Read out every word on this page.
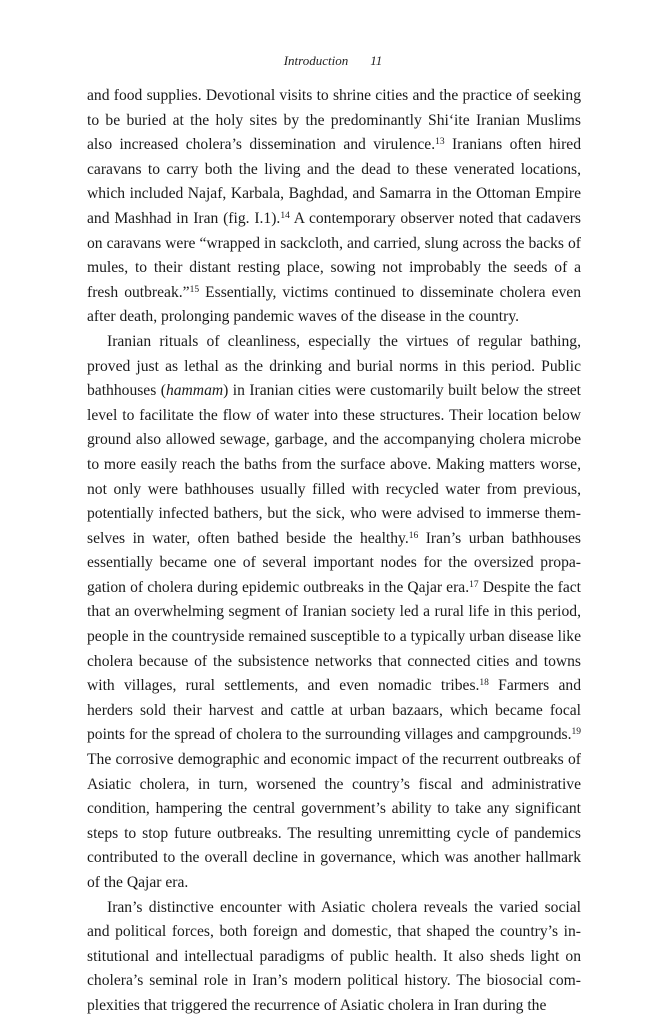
Introduction 11

and food supplies. Devotional visits to shrine cities and the practice of seeking to be buried at the holy sites by the predominantly Shi‘ite Iranian Muslims also increased cholera’s dissemination and virulence.$^{13}$ Iranians often hired caravans to carry both the living and the dead to these venerated locations, which included Najaf, Karbala, Baghdad, and Samarra in the Ottoman Empire and Mashhad in Iran (fig. I.1).$^{14}$ A contemporary observer noted that cadavers on caravans were “wrapped in sackcloth, and carried, slung across the backs of mules, to their distant resting place, sowing not improbably the seeds of a fresh outbreak.”$^{15}$ Essentially, victims continued to disseminate cholera even after death, prolonging pandemic waves of the disease in the country.

Iranian rituals of cleanliness, especially the virtues of regular bathing, proved just as lethal as the drinking and burial norms in this period. Public bathhouses (hammam) in Iranian cities were customarily built below the street level to facilitate the flow of water into these structures. Their location below ground also allowed sewage, garbage, and the accompanying cholera microbe to more easily reach the baths from the surface above. Making matters worse, not only were bathhouses usually filled with recycled water from previous, potentially infected bathers, but the sick, who were advised to immerse themselves in water, often bathed beside the healthy.$^{16}$ Iran’s urban bathhouses essentially became one of several important nodes for the oversized propagation of cholera during epidemic outbreaks in the Qajar era.$^{17}$ Despite the fact that an overwhelming segment of Iranian society led a rural life in this period, people in the countryside remained susceptible to a typically urban disease like cholera because of the subsistence networks that connected cities and towns with villages, rural settlements, and even nomadic tribes.$^{18}$ Farmers and herders sold their harvest and cattle at urban bazaars, which became focal points for the spread of cholera to the surrounding villages and campgrounds.$^{19}$ The corrosive demographic and economic impact of the recurrent outbreaks of Asiatic cholera, in turn, worsened the country’s fiscal and administrative condition, hampering the central government’s ability to take any significant steps to stop future outbreaks. The resulting unremitting cycle of pandemics contributed to the overall decline in governance, which was another hallmark of the Qajar era.

Iran’s distinctive encounter with Asiatic cholera reveals the varied social and political forces, both foreign and domestic, that shaped the country’s institutional and intellectual paradigms of public health. It also sheds light on cholera’s seminal role in Iran’s modern political history. The biosocial complexities that triggered the recurrence of Asiatic cholera in Iran during the
